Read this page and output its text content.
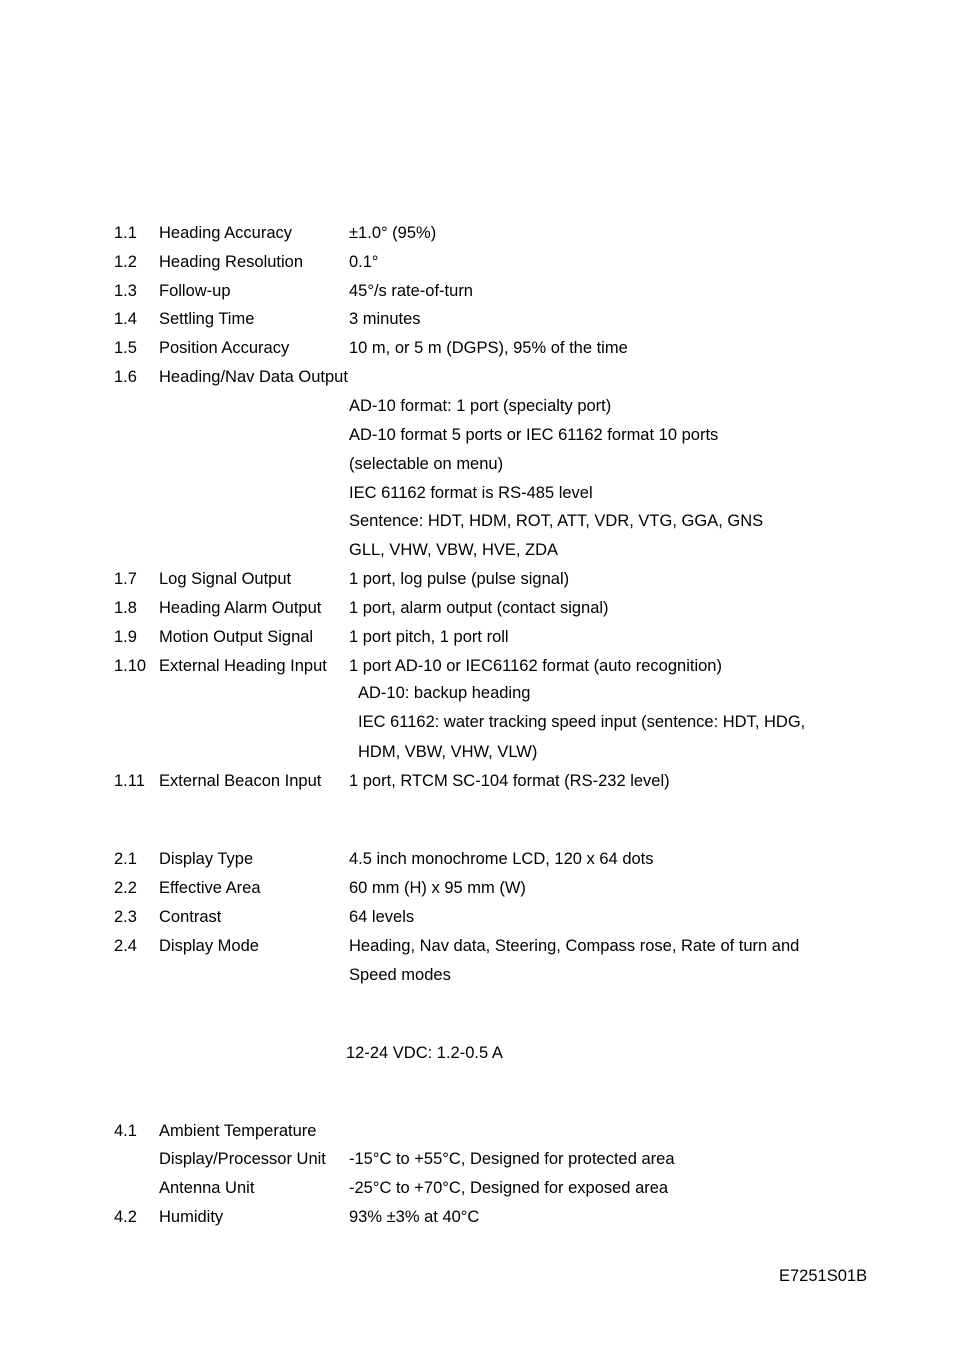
1.1 Heading Accuracy	±1.0° (95%)
1.2 Heading Resolution	0.1°
1.3 Follow-up	45°/s rate-of-turn
1.4 Settling Time	3 minutes
1.5 Position Accuracy	10 m, or 5 m (DGPS), 95% of the time
1.6 Heading/Nav Data Output
AD-10 format: 1 port (specialty port)
AD-10 format 5 ports or IEC 61162 format 10 ports
(selectable on menu)
IEC 61162 format is RS-485 level
Sentence: HDT, HDM, ROT, ATT, VDR, VTG, GGA, GNS
GLL, VHW, VBW, HVE, ZDA
1.7 Log Signal Output	1 port, log pulse (pulse signal)
1.8 Heading Alarm Output 1 port, alarm output (contact signal)
1.9 Motion Output Signal 1 port pitch, 1 port roll
1.10 External Heading Input 1 port AD-10 or IEC61162 format (auto recognition)
AD-10: backup heading
IEC 61162: water tracking speed input (sentence: HDT, HDG,
HDM, VBW, VHW, VLW)
1.11 External Beacon Input 1 port, RTCM SC-104 format (RS-232 level)
2.1 Display Type	4.5 inch monochrome LCD, 120 x 64 dots
2.2 Effective Area	60 mm (H) x 95 mm (W)
2.3 Contrast	64 levels
2.4 Display Mode	Heading, Nav data, Steering, Compass rose, Rate of turn and
Speed modes
12-24 VDC: 1.2-0.5 A
4.1 Ambient Temperature
Display/Processor Unit -15°C to +55°C, Designed for protected area
Antenna Unit	-25°C to +70°C, Designed for exposed area
4.2 Humidity	93% ±3% at 40°C
E7251S01B
